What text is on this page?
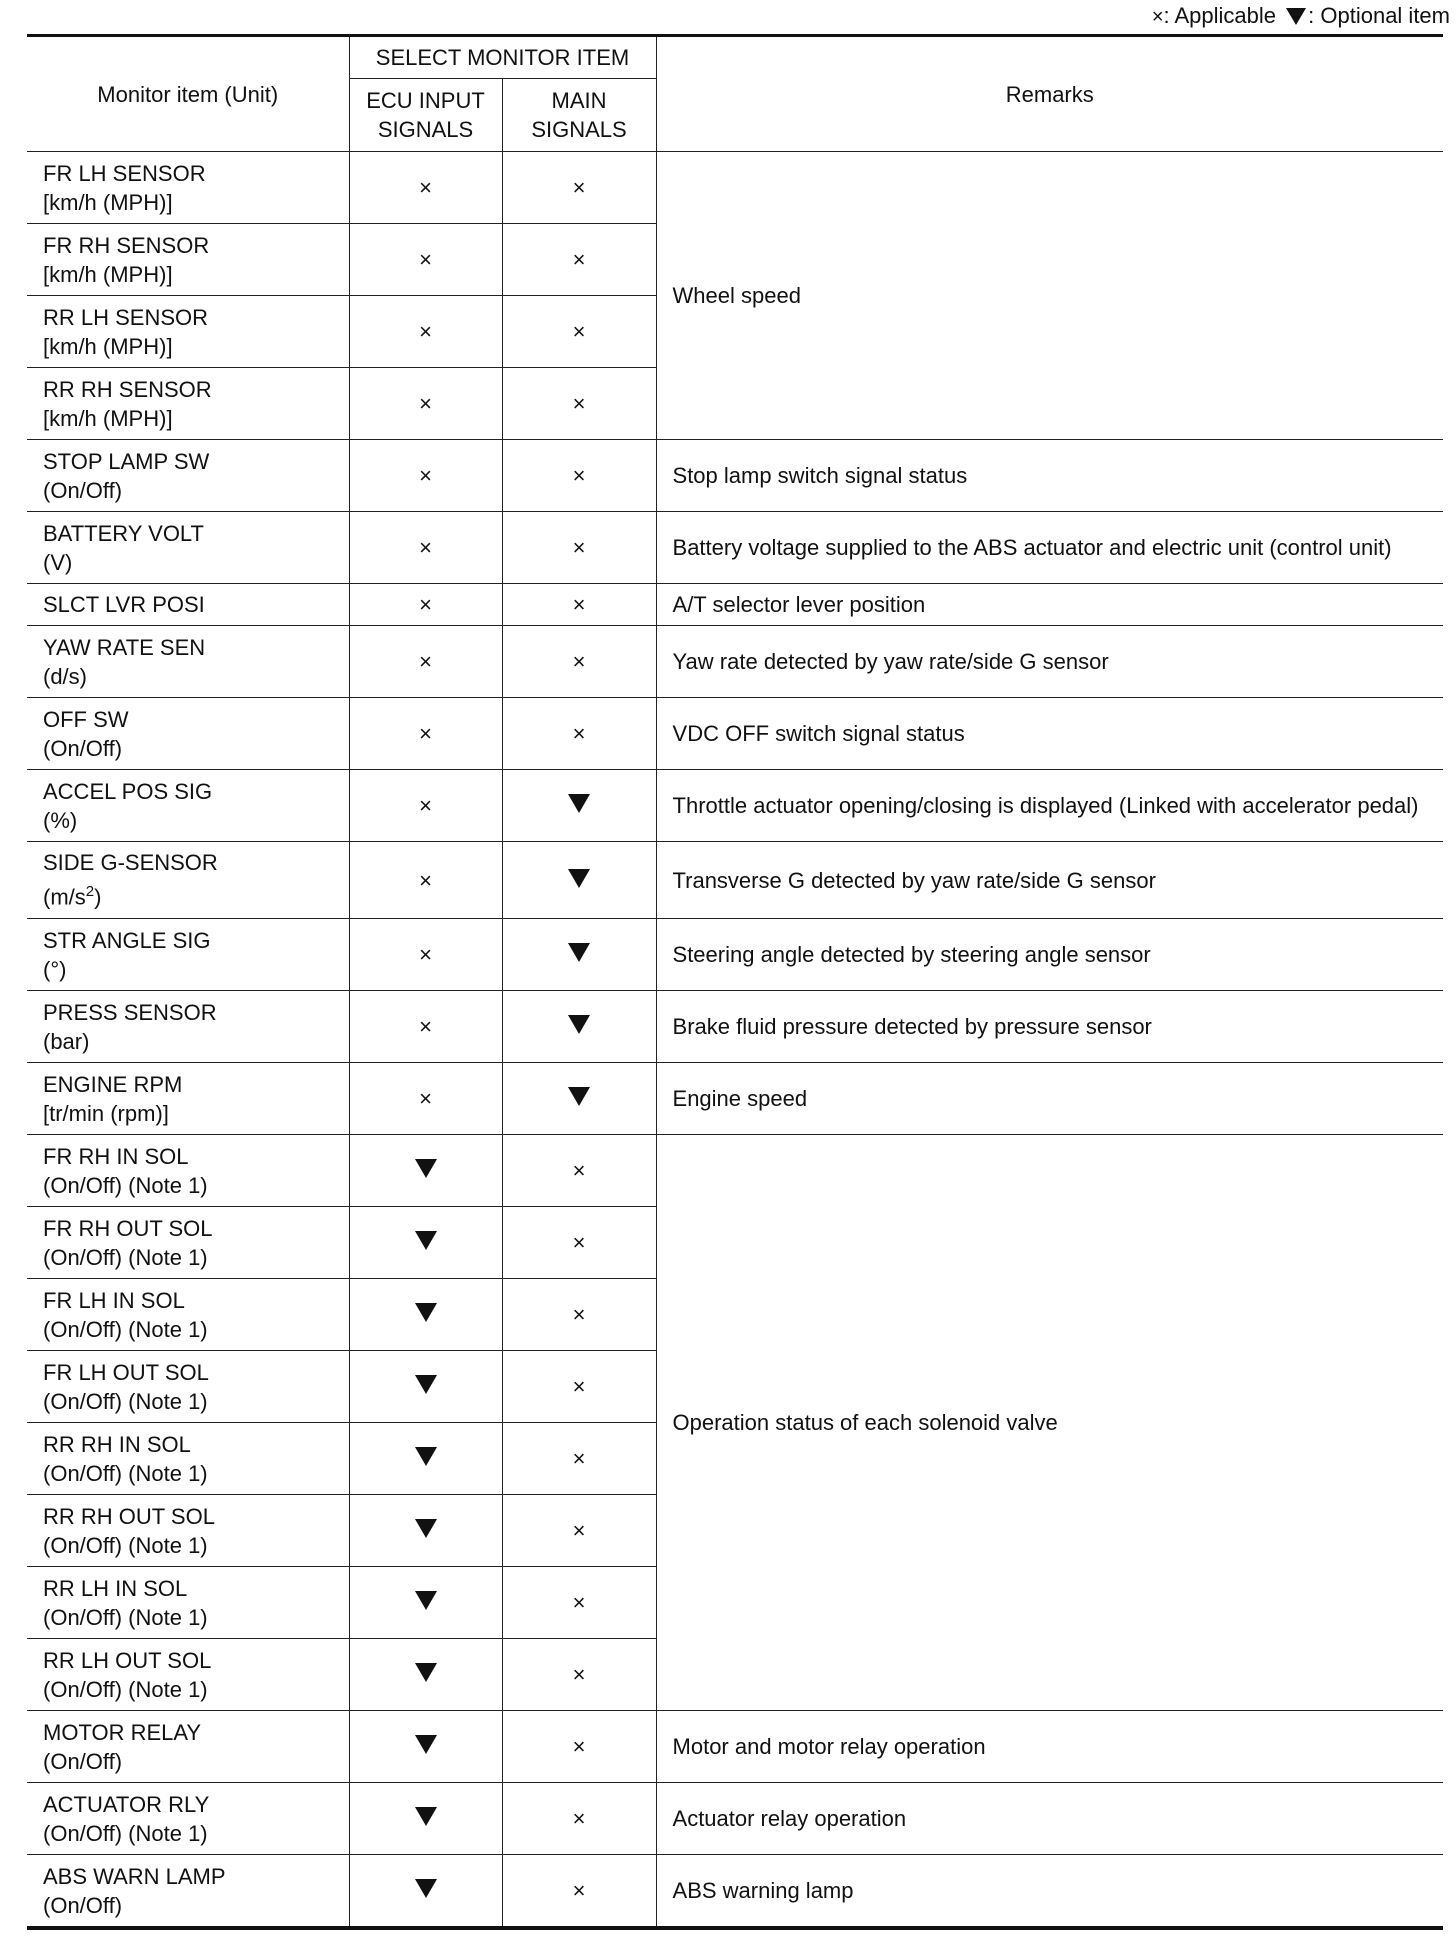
×: Applicable : Optional item
Monitor item (Unit)	SELECT MONITOR ITEM		Remarks
	ECU INPUT SIGNALS	MAIN SIGNALS	

FR LH SENSOR
[km/h (MPH)]	×	×	Wheel speed

FR RH SENSOR
[km/h (MPH)]	×	×	

RR LH SENSOR
[km/h (MPH)]	×	×	

RR RH SENSOR
[km/h (MPH)]	×	×	

STOP LAMP SW
(On/Off)	×	×	Stop lamp switch signal status

BATTERY VOLT
(V)	×	×	Battery voltage supplied to the ABS actuator and electric unit (control unit)

SLCT LVR POSI	×	×	A/T selector lever position

YAW RATE SEN
(d/s)	×	×	Yaw rate detected by yaw rate/side G sensor

OFF SW
(On/Off)	×	×	VDC OFF switch signal status

ACCEL POS SIG
(%)	×		Throttle actuator opening/closing is displayed (Linked with accelerator pedal)

SIDE G-SENSOR
$(m/s^2)$	×		Transverse G detected by yaw rate/side G sensor

STR ANGLE SIG
(°)	×		Steering angle detected by steering angle sensor

PRESS SENSOR
(bar)	×		Brake fluid pressure detected by pressure sensor

ENGINE RPM
[tr/min (rpm)]	×		Engine speed

FR RH IN SOL
(On/Off) (Note 1)		×	Operation status of each solenoid valve

FR RH OUT SOL
(On/Off) (Note 1)		×	

FR LH IN SOL
(On/Off) (Note 1)		×	

FR LH OUT SOL
(On/Off) (Note 1)		×	

RR RH IN SOL
(On/Off) (Note 1)		×	

RR RH OUT SOL
(On/Off) (Note 1)		×	

RR LH IN SOL
(On/Off) (Note 1)		×	

RR LH OUT SOL
(On/Off) (Note 1)		×	

MOTOR RELAY
(On/Off)		×	Motor and motor relay operation

ACTUATOR RLY
(On/Off) (Note 1)		×	Actuator relay operation

ABS WARN LAMP
(On/Off)		×	ABS warning lamp
